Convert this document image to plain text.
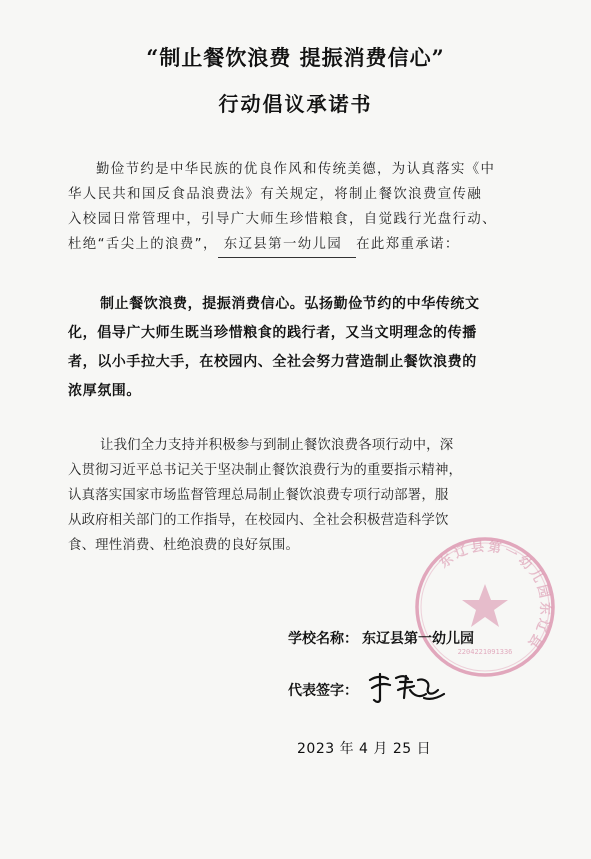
“制止餐饮浪费 提振消费信心”
行动倡议承诺书
勤俭节约是中华民族的优良作风和传统美德，为认真落实《中
华人民共和国反食品浪费法》有关规定，将制止餐饮浪费宣传融
入校园日常管理中，引导广大师生珍惜粮食，自觉践行光盘行动、
杜绝“舌尖上的浪费”， 东辽县第一幼儿园 在此郑重承诺：
制止餐饮浪费，提振消费信心。弘扬勤俭节约的中华传统文
化，倡导广大师生既当珍惜粮食的践行者，又当文明理念的传播
者，以小手拉大手，在校园内、全社会努力营造制止餐饮浪费的
浓厚氛围。
让我们全力支持并积极参与到制止餐饮浪费各项行动中，深
入贯彻习近平总书记关于坚决制止餐饮浪费行为的重要指示精神，
认真落实国家市场监督管理总局制止餐饮浪费专项行动部署，服
从政府相关部门的工作指导，在校园内、全社会积极营造科学饮
食、理性消费、杜绝浪费的良好氛围。
东辽县第一幼儿园东辽县
2204221091336
学校名称： 东辽县第一幼儿园
代表签字：
2023 年 4 月 25 日
